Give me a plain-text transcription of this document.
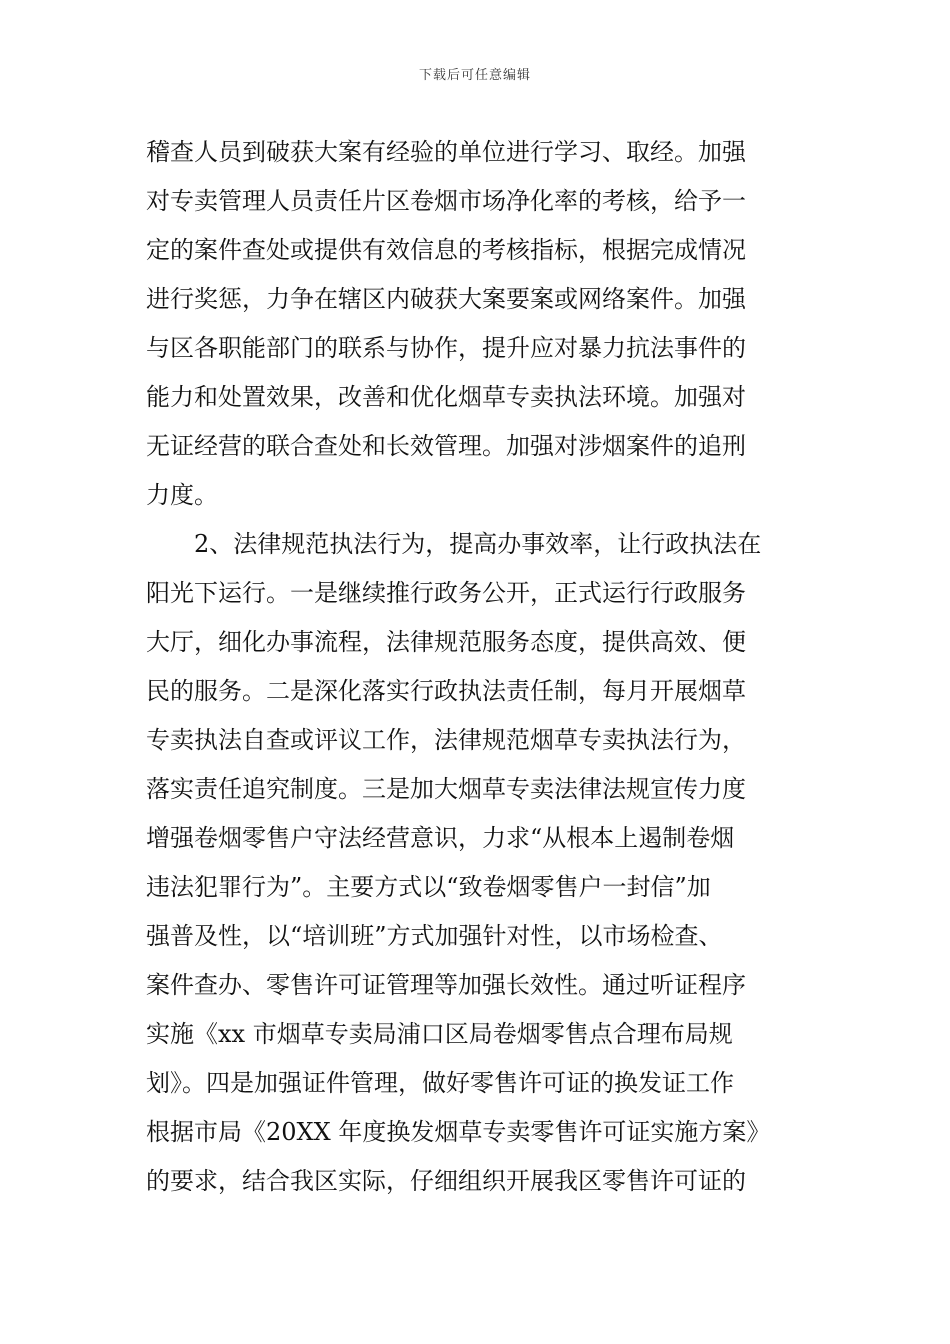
下载后可任意编辑
稽查人员到破获大案有经验的单位进行学习、取经。加强
对专卖管理人员责任片区卷烟市场净化率的考核，给予一
定的案件查处或提供有效信息的考核指标，根据完成情况
进行奖惩，力争在辖区内破获大案要案或网络案件。加强
与区各职能部门的联系与协作，提升应对暴力抗法事件的
能力和处置效果，改善和优化烟草专卖执法环境。加强对
无证经营的联合查处和长效管理。加强对涉烟案件的追刑
力度。
2、法律规范执法行为，提高办事效率，让行政执法在
阳光下运行。一是继续推行政务公开，正式运行行政服务
大厅，细化办事流程，法律规范服务态度，提供高效、便
民的服务。二是深化落实行政执法责任制，每月开展烟草
专卖执法自查或评议工作，法律规范烟草专卖执法行为，
落实责任追究制度。三是加大烟草专卖法律法规宣传力度
增强卷烟零售户守法经营意识，力求“从根本上遏制卷烟
违法犯罪行为”。主要方式以“致卷烟零售户一封信”加
强普及性，以“培训班”方式加强针对性，以市场检查、
案件查办、零售许可证管理等加强长效性。通过听证程序
实施《xx 市烟草专卖局浦口区局卷烟零售点合理布局规
划》。四是加强证件管理，做好零售许可证的换发证工作
根据市局《20XX 年度换发烟草专卖零售许可证实施方案》
的要求，结合我区实际，仔细组织开展我区零售许可证的
